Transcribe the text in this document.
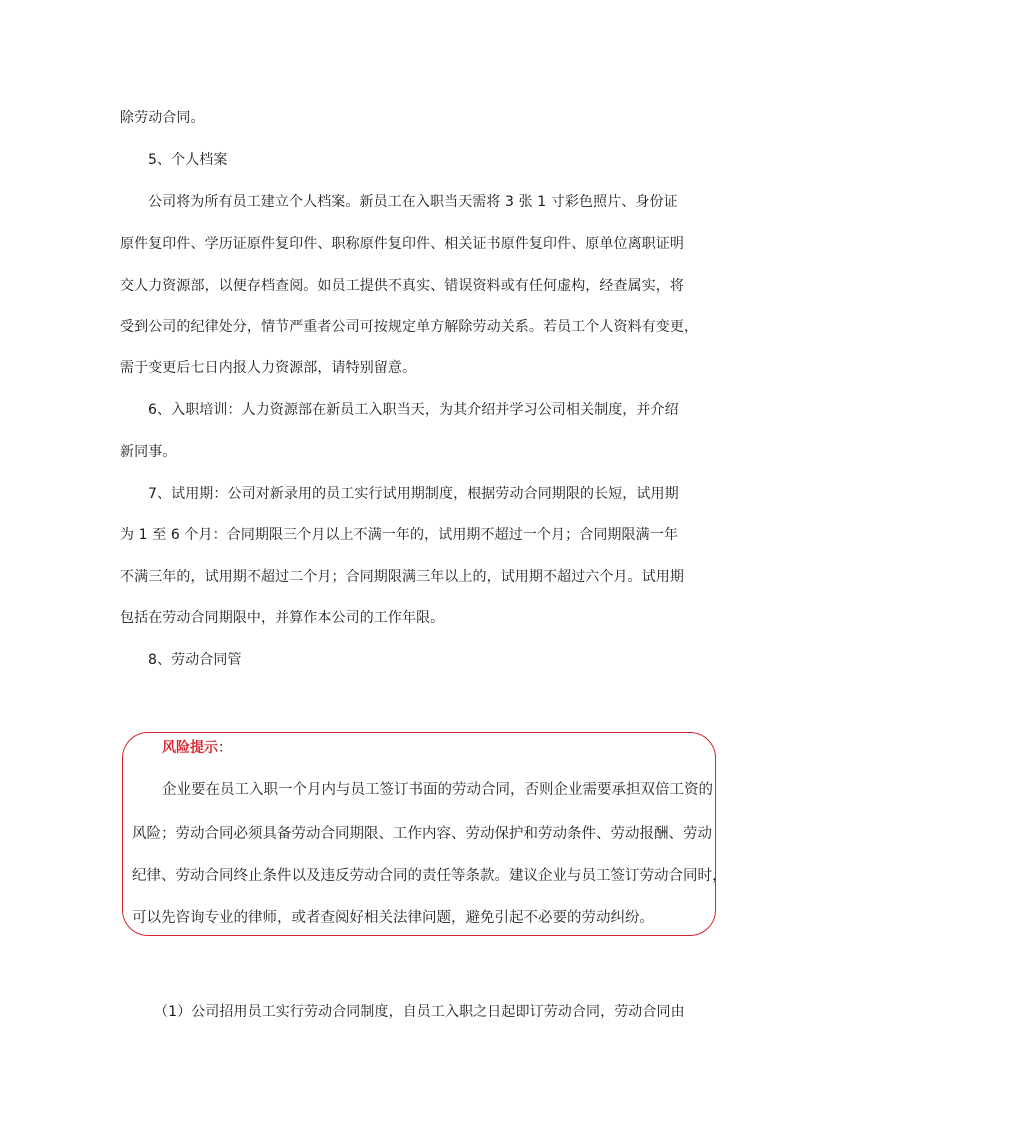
除劳动合同。
5、个人档案
公司将为所有员工建立个人档案。新员工在入职当天需将 3 张 1 寸彩色照片、身份证
原件复印件、学历证原件复印件、职称原件复印件、相关证书原件复印件、原单位离职证明
交人力资源部，以便存档查阅。如员工提供不真实、错误资料或有任何虚构，经查属实，将
受到公司的纪律处分，情节严重者公司可按规定单方解除劳动关系。若员工个人资料有变更，
需于变更后七日内报人力资源部，请特别留意。
6、入职培训：人力资源部在新员工入职当天，为其介绍并学习公司相关制度，并介绍
新同事。
7、试用期：公司对新录用的员工实行试用期制度，根据劳动合同期限的长短，试用期
为 1 至 6 个月：合同期限三个月以上不满一年的，试用期不超过一个月；合同期限满一年
不满三年的，试用期不超过二个月；合同期限满三年以上的，试用期不超过六个月。试用期
包括在劳动合同期限中，并算作本公司的工作年限。
8、劳动合同管
风险提示：
企业要在员工入职一个月内与员工签订书面的劳动合同，否则企业需要承担双倍工资的
风险；劳动合同必须具备劳动合同期限、工作内容、劳动保护和劳动条件、劳动报酬、劳动
纪律、劳动合同终止条件以及违反劳动合同的责任等条款。建议企业与员工签订劳动合同时，
可以先咨询专业的律师，或者查阅好相关法律问题，避免引起不必要的劳动纠纷。
（1）公司招用员工实行劳动合同制度，自员工入职之日起即订劳动合同，劳动合同由
